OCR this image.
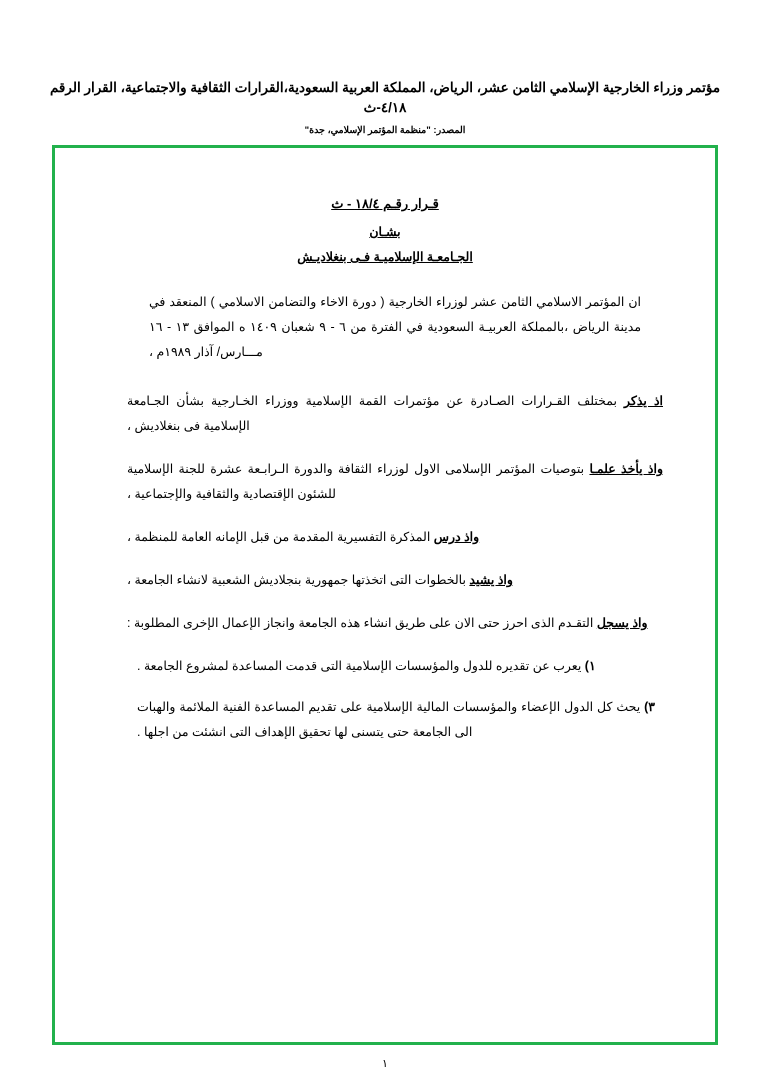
مؤتمر وزراء الخارجية الإسلامي الثامن عشر، الرياض، المملكة العربية السعودية،القرارات الثقافية والاجتماعية، القرار الرقم ٤/١٨-ث
المصدر: "منظمة المؤتمر الإسلامي، جدة"
قـرار رقـم ١٨/٤ - ث
بشـان
الجـامعـة الإسلاميـة فـى بنغلاديـش
ان المؤتمر الاسلامي الثامن عشر لوزراء الخارجية ( دورة الاخاء والتضامن الاسلامي ) المنعقد في مدينة الرياض ،بالمملكة العربيـة السعودية في الفترة من ٦ - ٩ شعبان ١٤٠٩ ه الموافق ١٣ - ١٦ مـــارس/ آذار ١٩٨٩م ،
اذ يذكر بمختلف القـرارات الصـادرة عن مؤتمرات القمة الإسلامية ووزراء الخـارجية بشأن الجـامعة الإسلامية فى بنغلاديش ،
واذ يأخذ علمـا بتوصيات المؤتمر الإسلامى الاول لوزراء الثقافة والدورة الـرابـعة عشرة للجنة الإسلامية للشئون الإقتصادية والثقافية والإجتماعية ،
واذ درس المذكرة التفسيرية المقدمة من قبل الإمانه العامة للمنظمة ،
واذ يشيد بالخطوات التى اتخذتها جمهورية بنجلاديش الشعبية لانشاء الجامعة ،
واذ يسجل التقـدم الذى احرز حتى الان على طريق انشاء هذه الجامعة وانجاز الإعمال الإخرى المطلوبة :
١) يعرب عن تقديره للدول والمؤسسات الإسلامية التى قدمت المساعدة لمشروع الجامعة .
٣) يحث كل الدول الإعضاء والمؤسسات المالية الإسلامية على تقديم المساعدة الفنية الملائمة والهبات الى الجامعة حتى يتسنى لها تحقيق الإهداف التى انشئت من اجلها .
١
